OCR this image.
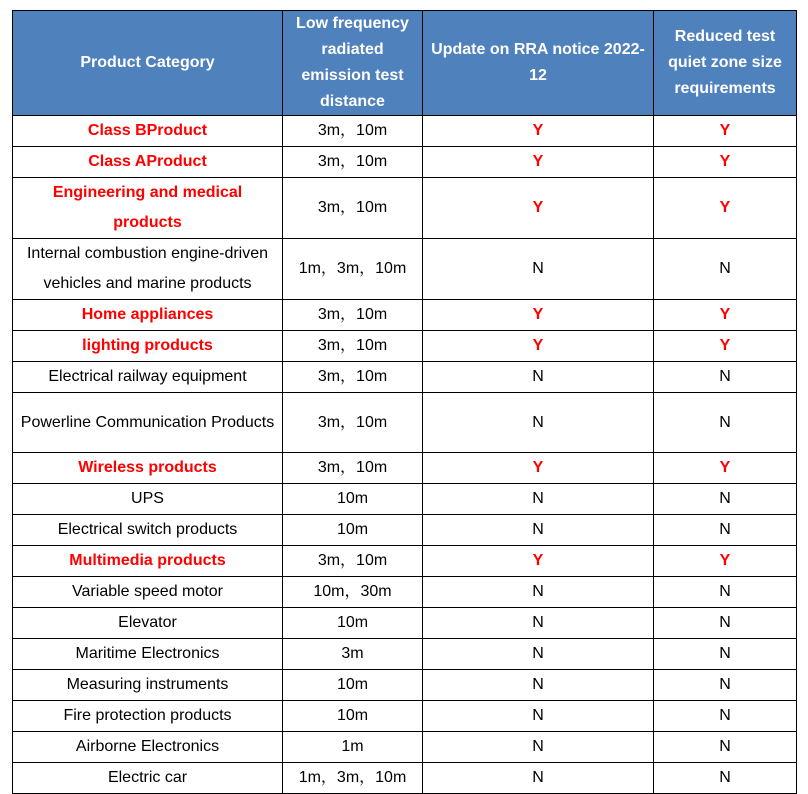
Product Category	Low frequency radiated emission test distance	Update on RRA notice 2022-12	Reduced test quiet zone size requirements
Class BProduct	3m，10m	Y	Y
Class AProduct	3m，10m	Y	Y
Engineering and medical products	3m，10m	Y	Y
Internal combustion engine-driven vehicles and marine products	1m，3m，10m	N	N
Home appliances	3m，10m	Y	Y
lighting products	3m，10m	Y	Y
Electrical railway equipment	3m，10m	N	N
Powerline Communication Products	3m，10m	N	N
Wireless products	3m，10m	Y	Y
UPS	10m	N	N
Electrical switch products	10m	N	N
Multimedia products	3m，10m	Y	Y
Variable speed motor	10m，30m	N	N
Elevator	10m	N	N
Maritime Electronics	3m	N	N
Measuring instruments	10m	N	N
Fire protection products	10m	N	N
Airborne Electronics	1m	N	N
Electric car	1m，3m，10m	N	N
